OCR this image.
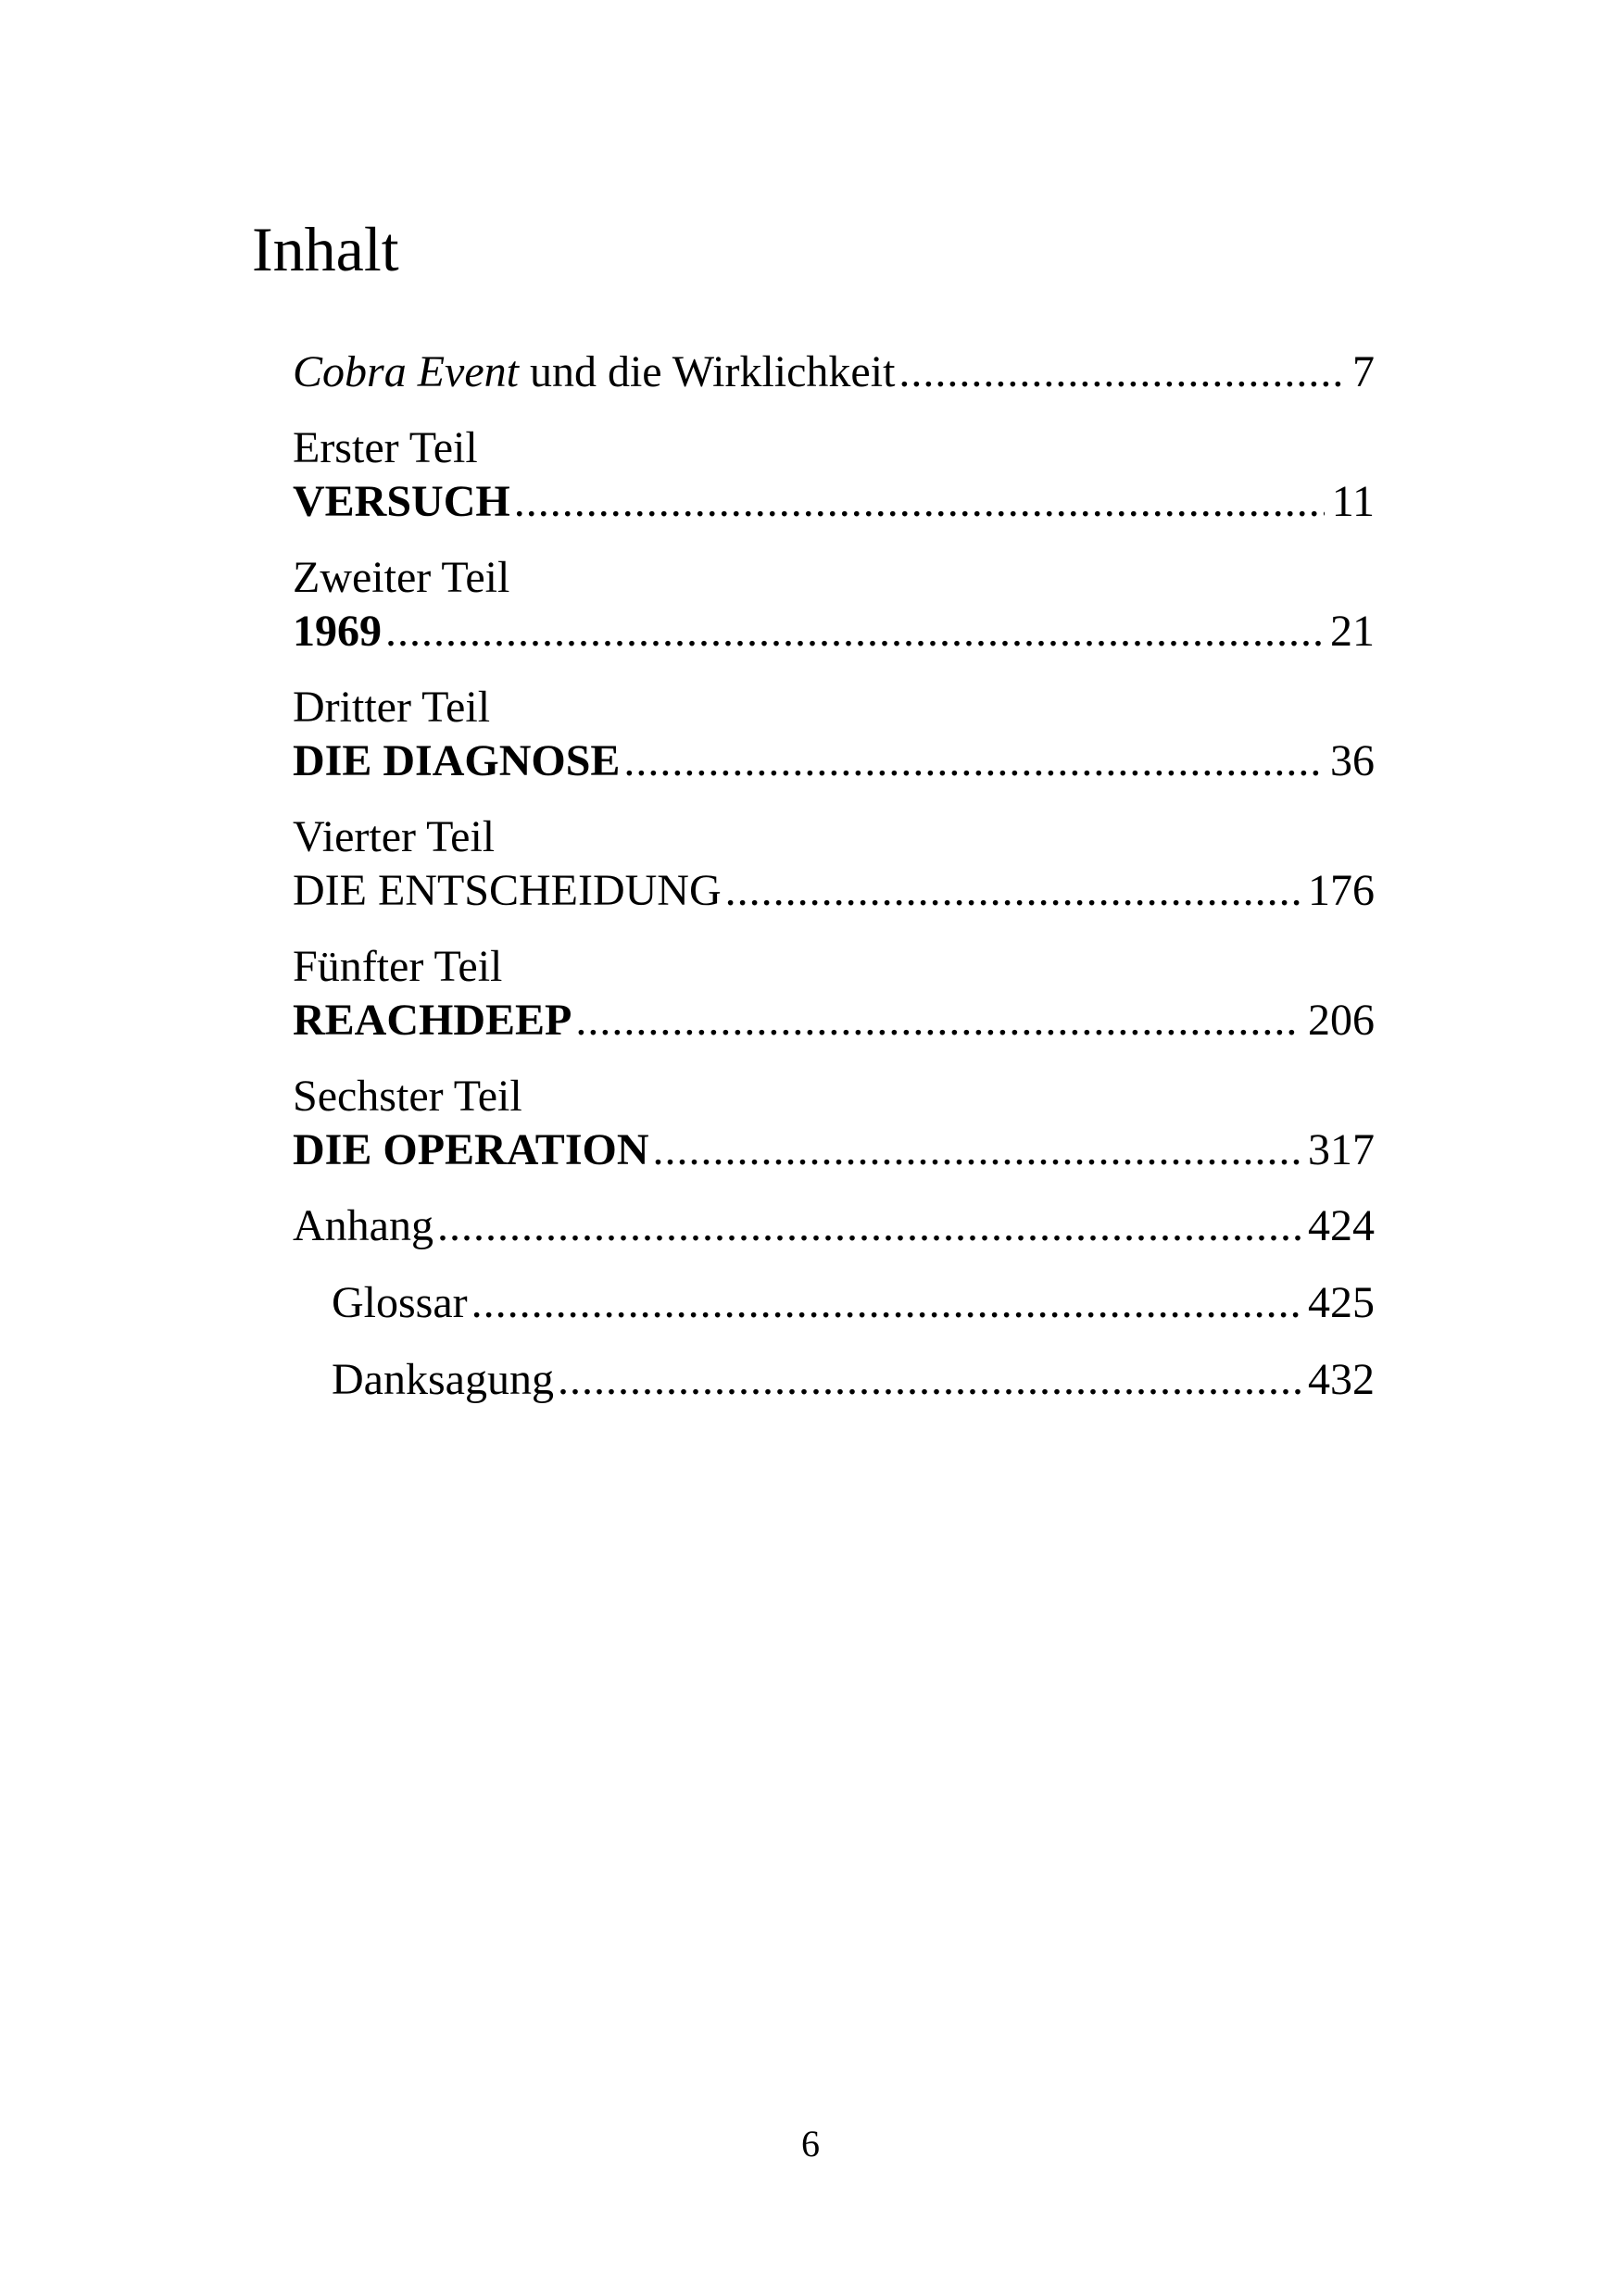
Inhalt
Cobra Event und die Wirklichkeit .....	7
Erster Teil
VERSUCH .....	11
Zweiter Teil
1969 .....	21
Dritter Teil
DIE DIAGNOSE .....	36
Vierter Teil
DIE ENTSCHEIDUNG .....	176
Fünfter Teil
REACHDEEP .....	206
Sechster Teil
DIE OPERATION .....	317
Anhang .....	424
Glossar .....	425
Danksagung .....	432
6
